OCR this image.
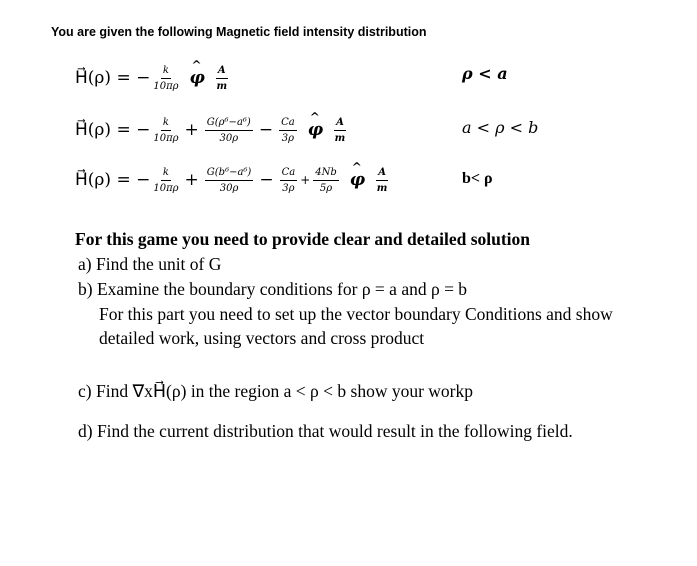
You are given the following Magnetic field intensity distribution
H⃗(ρ) = − $\frac{k}{10\pi\rho}$ ^ φ $\frac{A}{m}$	ρ < a
H⃗(ρ) = − $\frac{k}{10\pi\rho} + \frac{\text{G(ρ⁶−a⁶)}}{30\rho} - \frac{Ca}{3\rho}$ ^ φ $\frac{A}{m}$	a < ρ < b
H⃗(ρ) = − $\frac{k}{10\pi\rho} + \frac{\text{G(b⁶−a⁶)}}{30\rho} - \frac{Ca}{3\rho} + \frac{4Nb}{5\rho}$ ^ φ $\frac{A}{m}$	b< ρ
For this game you need to provide clear and detailed solution
a) Find the unit of G
b) Examine the boundary conditions for ρ = a and ρ = b
For this part you need to set up the vector boundary Conditions and show
detailed work, using vectors and cross product
c) Find ∇xH⃗(ρ) in the region a < ρ < b show your workp
d) Find the current distribution that would result in the following field.
